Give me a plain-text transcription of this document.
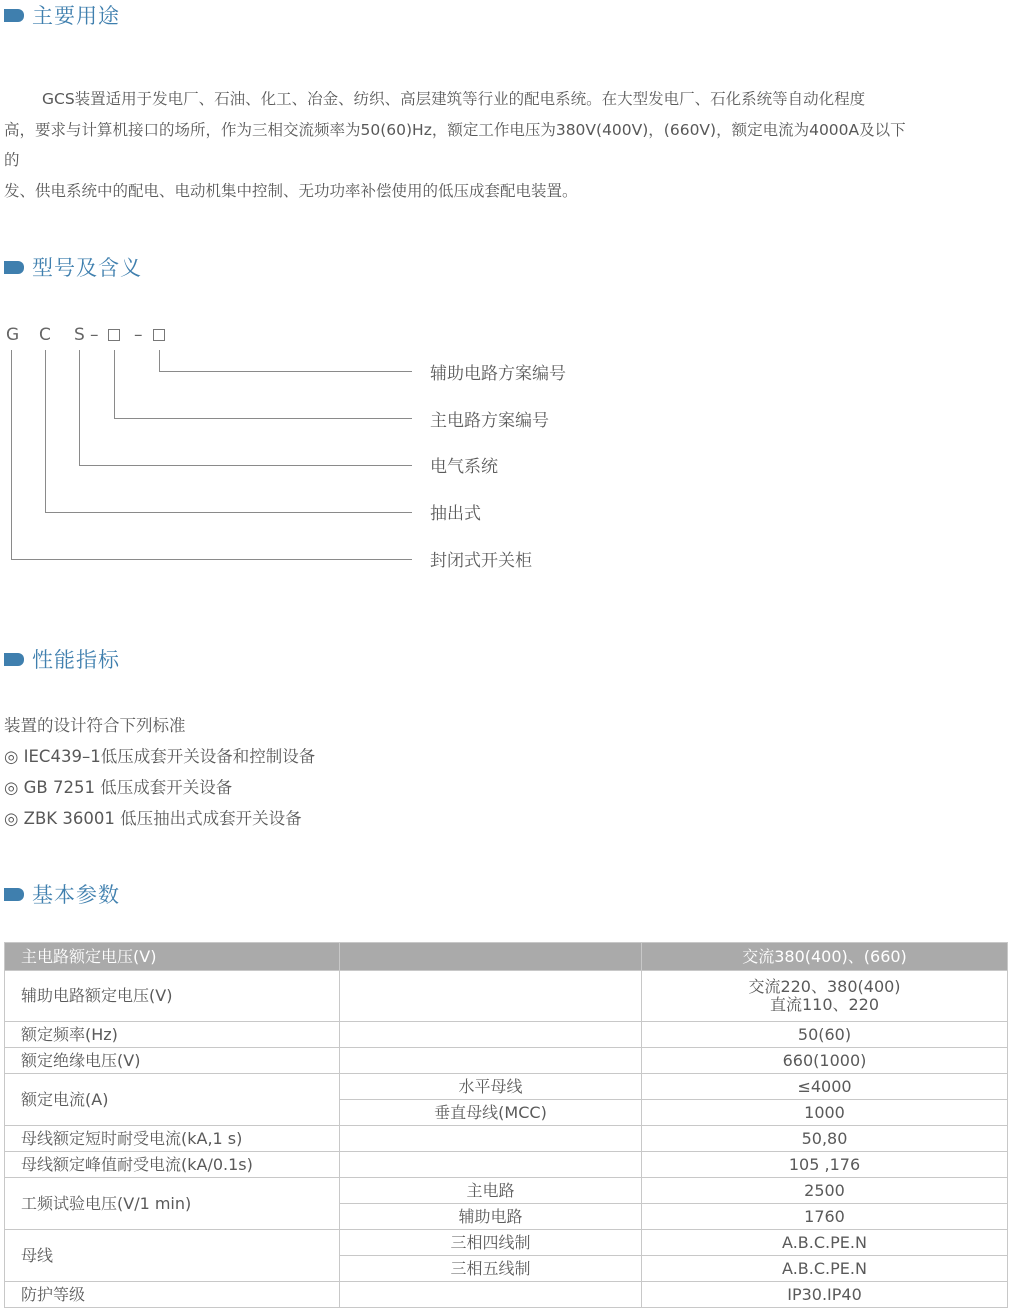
主要用途

GCS装置适用于发电厂、石油、化工、冶金、纺织、高层建筑等行业的配电系统。在大型发电厂、石化系统等自动化程度

高，要求与计算机接口的场所，作为三相交流频率为50(60)Hz，额定工作电压为380V(400V)，(660V)，额定电流为4000A及以下

的

发、供电系统中的配电、电动机集中控制、无功功率补偿使用的低压成套配电装置。

型号及含义
G C S – –
辅助电路方案编号
主电路方案编号
电气系统
抽出式
封闭式开关柜
性能指标
装置的设计符合下列标准
◎ IEC439–1低压成套开关设备和控制设备
◎ GB 7251 低压成套开关设备
◎ ZBK 36001 低压抽出式成套开关设备
基本参数
主电路额定电压(V)		交流380(400)、(660)
辅助电路额定电压(V)		交流220、380(400)
直流110、220

额定频率(Hz)		50(60)
额定绝缘电压(V)		660(1000)
额定电流(A)	水平母线	≤4000
	垂直母线(MCC)	1000
母线额定短时耐受电流(kA,1 s)		50,80
母线额定峰值耐受电流(kA/0.1s)		105 ,176
工频试验电压(V/1 min)	主电路	2500
	辅助电路	1760
母线	三相四线制	A.B.C.PE.N
	三相五线制	A.B.C.PE.N
防护等级		IP30.IP40
